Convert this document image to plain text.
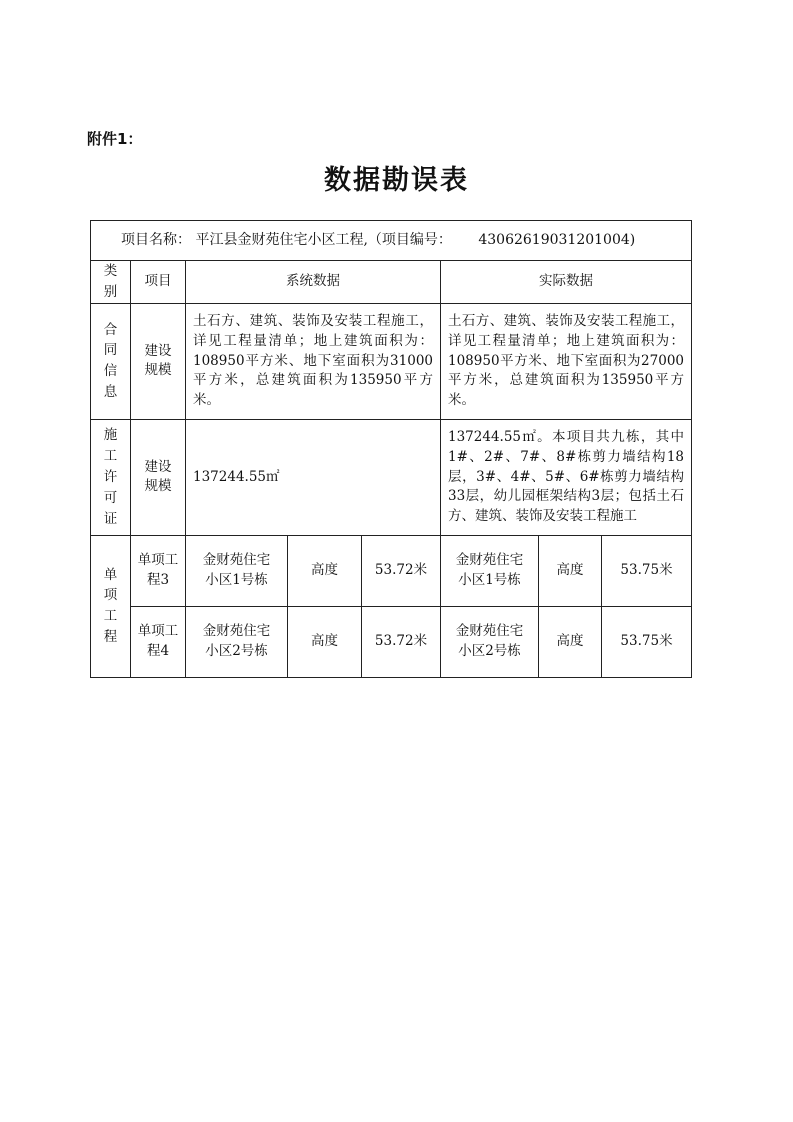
附件1：
数据勘误表
项目名称： 平江县金财苑住宅小区工程,（项目编号： 43062619031201004)							

类别	项目	系统数据			实际数据		

合同信息	建设规模	土石方、建筑、装饰及安装工程施工，详见工程量清单；地上建筑面积为：108950平方米、地下室面积为31000平方米，总建筑面积为135950平方米。			土石方、建筑、装饰及安装工程施工，详见工程量清单；地上建筑面积为：108950平方米、地下室面积为27000平方米，总建筑面积为135950平方米。		

施工许可证	建设规模	137244.55㎡			137244.55㎡。本项目共九栋，其中1#、2#、7#、8#栋剪力墙结构18层，3#、4#、5#、6#栋剪力墙结构33层，幼儿园框架结构3层；包括土石方、建筑、装饰及安装工程施工		

单项工程	单项工程3	金财苑住宅小区1号栋	高度	53.72米	金财苑住宅小区1号栋	高度	53.75米

	单项工程4	金财苑住宅小区2号栋	高度	53.72米	金财苑住宅小区2号栋	高度	53.75米
